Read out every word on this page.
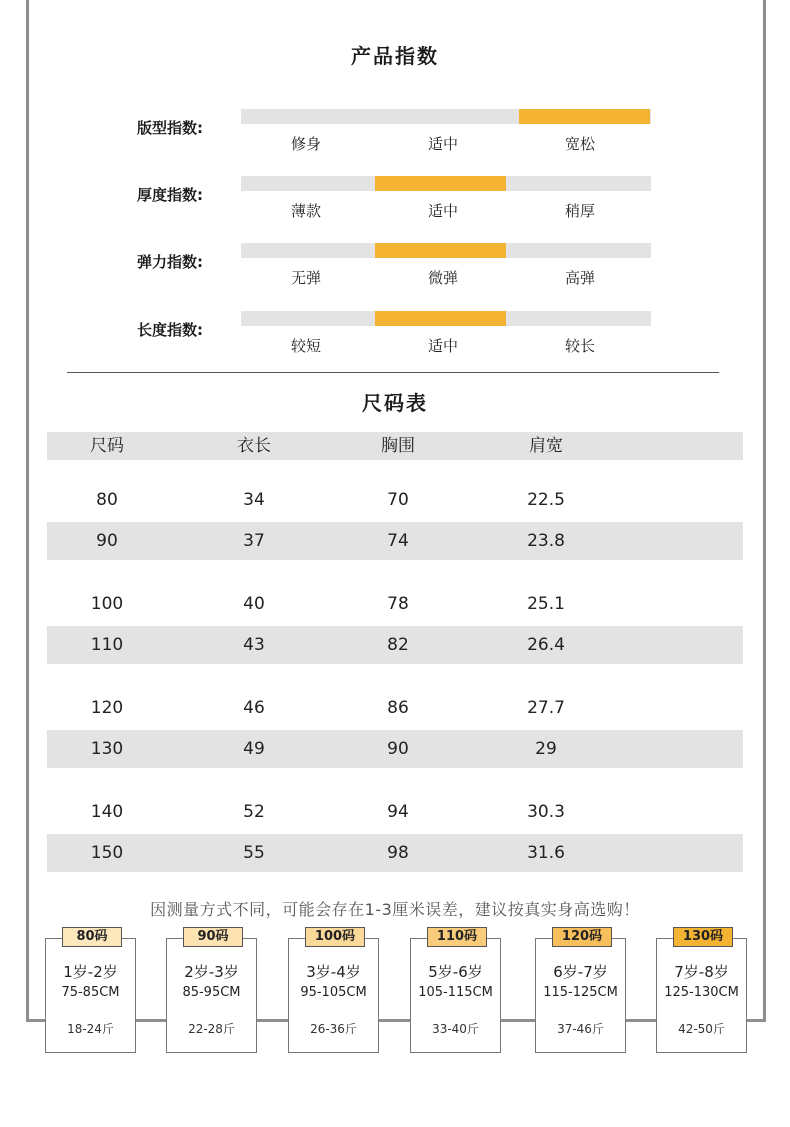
产品指数
版型指数:
修身	适中	宽松
厚度指数:
薄款	适中	稍厚
弹力指数:
无弹	微弹	高弹
长度指数:
较短	适中	较长
尺码表
尺码	衣长	胸围	肩宽
80	34	70	22.5
90	37	74	23.8
100	40	78	25.1
110	43	82	26.4
120	46	86	27.7
130	49	90	29
140	52	94	30.3
150	55	98	31.6
因测量方式不同，可能会存在1-3厘米误差，建议按真实身高选购！
80码
1岁-2岁
75-85CM
18-24斤
90码
2岁-3岁
85-95CM
22-28斤
100码
3岁-4岁
95-105CM
26-36斤
110码
5岁-6岁
105-115CM
33-40斤
120码
6岁-7岁
115-125CM
37-46斤
130码
7岁-8岁
125-130CM
42-50斤
